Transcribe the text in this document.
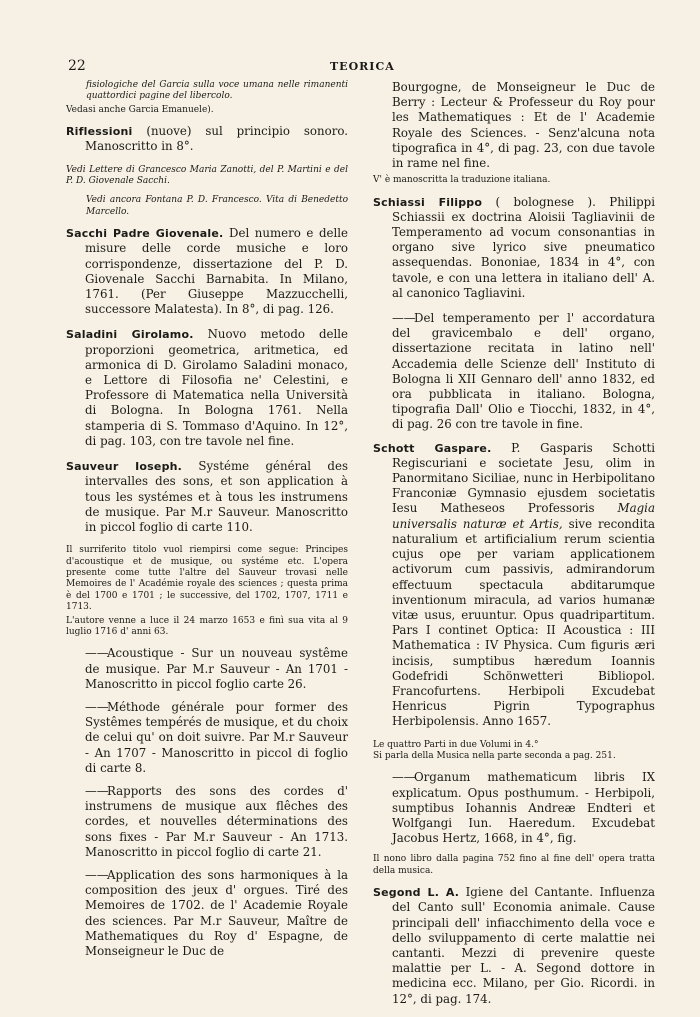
22	TEORICA

fisiologiche del Garcia sulla voce umana nelle rimanenti quattordici pagine del libercolo.

Vedasi anche Garcia Emanuele).

Riflessioni (nuove) sul principio sonoro. Manoscritto in 8°.

Vedi Lettere di Grancesco Maria Zanotti, del P. Martini e del P. D. Giovenale Sacchi.

Vedi ancora Fontana P. D. Francesco. Vita di Benedetto Marcello.

Sacchi Padre Giovenale. Del numero e delle misure delle corde musiche e loro corrispondenze, dissertazione del P. D. Giovenale Sacchi Barnabita. In Milano, 1761. (Per Giuseppe Mazzucchelli, successore Malatesta). In 8°, di pag. 126.

Saladini Girolamo. Nuovo metodo delle proporzioni geometrica, aritmetica, ed armonica di D. Girolamo Saladini monaco, e Lettore di Filosofia ne' Celestini, e Professore di Matematica nella Università di Bologna. In Bologna 1761. Nella stamperia di S. Tommaso d'Aquino. In 12°, di pag. 103, con tre tavole nel fine.

Sauveur Ioseph. Systéme général des intervalles des sons, et son application à tous les systémes et à tous les instrumens de musique. Par M.r Sauveur. Manoscritto in piccol foglio di carte 110.

Il surriferito titolo vuol riempirsi come segue: Principes d'acoustique et de musique, ou systéme etc. L'opera presente come tutte l'altre del Sauveur trovasi nelle Memoires de l' Académie royale des sciences ; questa prima è del 1700 e 1701 ; le successive, del 1702, 1707, 1711 e 1713.

L'autore venne a luce il 24 marzo 1653 e finì sua vita al 9 luglio 1716 d' anni 63.

——Acoustique - Sur un nouveau systême de musique. Par M.r Sauveur - An 1701 - Manoscritto in piccol foglio carte 26.

——Méthode générale pour former des Systêmes tempérés de musique, et du choix de celui qu' on doit suivre. Par M.r Sauveur - An 1707 - Manoscritto in piccol di foglio di carte 8.

——Rapports des sons des cordes d' instrumens de musique aux flêches des cordes, et nouvelles déterminations des sons fixes - Par M.r Sauveur - An 1713. Manoscritto in piccol foglio di carte 21.

——Application des sons harmoniques à la composition des jeux d' orgues. Tiré des Memoires de 1702. de l' Academie Royale des sciences. Par M.r Sauveur, Maître de Mathematiques du Roy d' Espagne, de Monseigneur le Duc de

Bourgogne, de Monseigneur le Duc de Berry : Lecteur & Professeur du Roy pour les Mathematiques : Et de l' Academie Royale des Sciences. - Senz'alcuna nota tipografica in 4°, di pag. 23, con due tavole in rame nel fine.

V' è manoscritta la traduzione italiana.

Schiassi Filippo ( bolognese ). Philippi Schiassii ex doctrina Aloisii Tagliavinii de Temperamento ad vocum consonantias in organo sive lyrico sive pneumatico assequendas. Bononiae, 1834 in 4°, con tavole, e con una lettera in italiano dell' A. al canonico Tagliavini.

——Del temperamento per l' accordatura del gravicembalo e dell' organo, dissertazione recitata in latino nell' Accademia delle Scienze dell' Instituto di Bologna li XII Gennaro dell' anno 1832, ed ora pubblicata in italiano. Bologna, tipografia Dall' Olio e Tiocchi, 1832, in 4°, di pag. 26 con tre tavole in fine.

Schott Gaspare. P. Gasparis Schotti Regiscuriani e societate Jesu, olim in Panormitano Siciliae, nunc in Herbipolitano Franconiæ Gymnasio ejusdem societatis Iesu Matheseos Professoris Magia universalis naturæ et Artis, sive recondita naturalium et artificialium rerum scientia cujus ope per variam applicationem activorum cum passivis, admirandorum effectuum spectacula abditarumque inventionum miracula, ad varios humanæ vitæ usus, eruuntur. Opus quadripartitum. Pars I continet Optica: II Acoustica : III Mathematica : IV Physica. Cum figuris æri incisis, sumptibus hæredum Ioannis Godefridi Schönwetteri Bibliopol. Francofurtens. Herbipoli Excudebat Henricus Pigrin Typographus Herbipolensis. Anno 1657.

Le quattro Parti in due Volumi in 4.°

Si parla della Musica nella parte seconda a pag. 251.

——Organum mathematicum libris IX explicatum. Opus posthumum. - Herbipoli, sumptibus Iohannis Andreæ Endteri et Wolfgangi Iun. Haeredum. Excudebat Jacobus Hertz, 1668, in 4°, fig.

Il nono libro dalla pagina 752 fino al fine dell' opera tratta della musica.

Segond L. A. Igiene del Cantante. Influenza del Canto sull' Economia animale. Cause principali dell' infiacchimento della voce e dello sviluppamento di certe malattie nei cantanti. Mezzi di prevenire queste malattie per L. - A. Segond dottore in medicina ecc. Milano, per Gio. Ricordi. in 12°, di pag. 174.
